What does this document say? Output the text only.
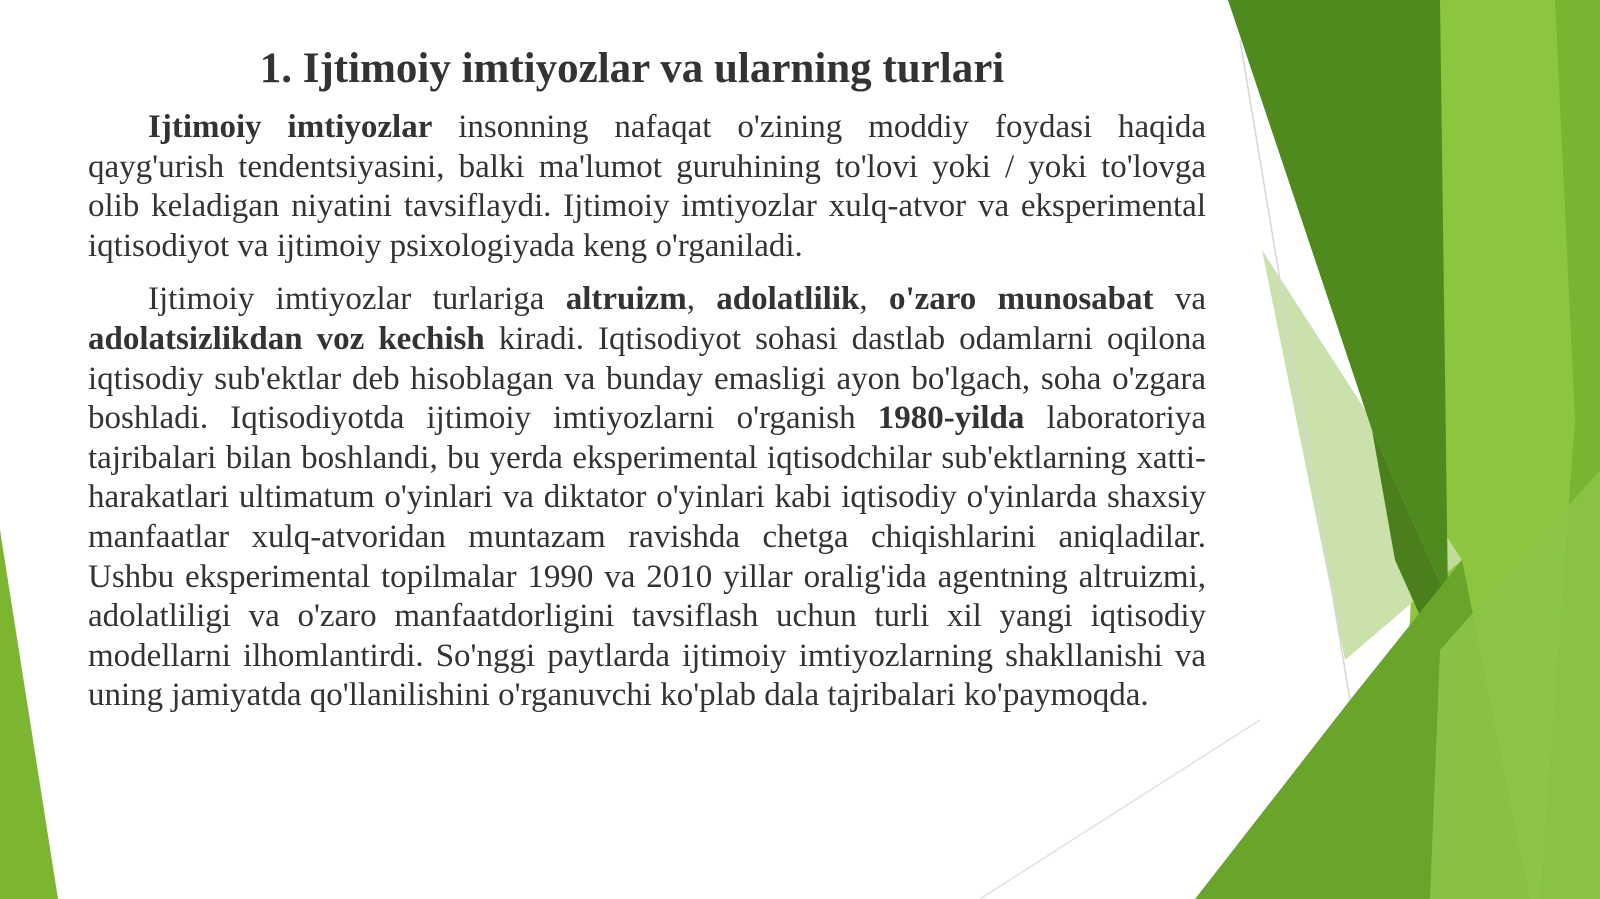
1. Ijtimoiy imtiyozlar va ularning turlari

Ijtimoiy imtiyozlar insonning nafaqat o'zining moddiy foydasi haqida qayg'urish tendentsiyasini, balki ma'lumot guruhining to'lovi yoki / yoki to'lovga olib keladigan niyatini tavsiflaydi. Ijtimoiy imtiyozlar xulq-atvor va eksperimental iqtisodiyot va ijtimoiy psixologiyada keng o'rganiladi.

Ijtimoiy imtiyozlar turlariga altruizm, adolatlilik, o'zaro munosabat va adolatsizlikdan voz kechish kiradi. Iqtisodiyot sohasi dastlab odamlarni oqilona iqtisodiy sub'ektlar deb hisoblagan va bunday emasligi ayon bo'lgach, soha o'zgara boshladi. Iqtisodiyotda ijtimoiy imtiyozlarni o'rganish 1980-yilda laboratoriya tajribalari bilan boshlandi, bu yerda eksperimental iqtisodchilar sub'ektlarning xatti-harakatlari ultimatum o'yinlari va diktator o'yinlari kabi iqtisodiy o'yinlarda shaxsiy manfaatlar xulq-atvoridan muntazam ravishda chetga chiqishlarini aniqladilar. Ushbu eksperimental topilmalar 1990 va 2010 yillar oralig'ida agentning altruizmi, adolatliligi va o'zaro manfaatdorligini tavsiflash uchun turli xil yangi iqtisodiy modellarni ilhomlantirdi. So'nggi paytlarda ijtimoiy imtiyozlarning shakllanishi va uning jamiyatda qo'llanilishini o'rganuvchi ko'plab dala tajribalari ko'paymoqda.
